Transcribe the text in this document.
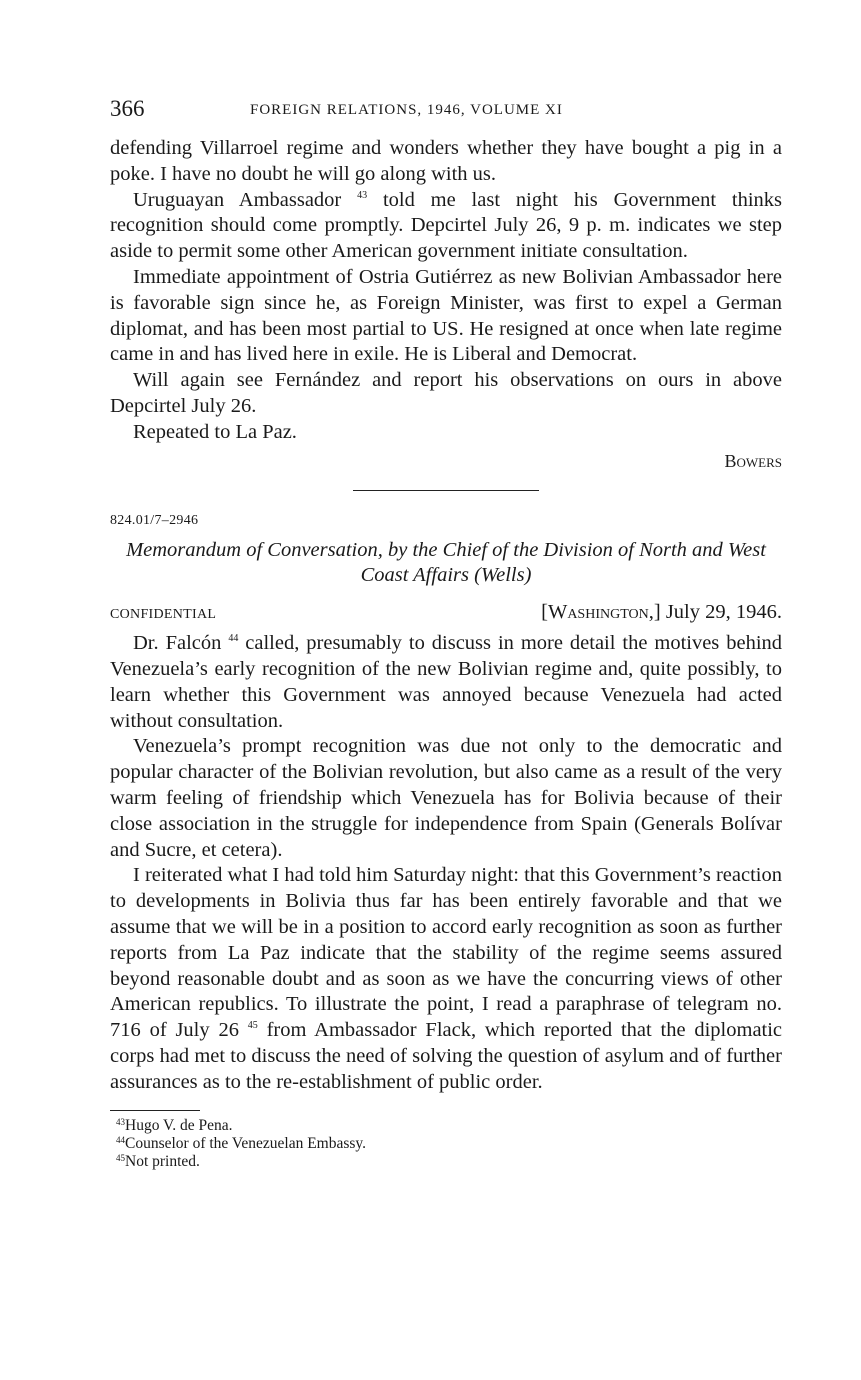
366	FOREIGN RELATIONS, 1946, VOLUME XI

defending Villarroel regime and wonders whether they have bought a pig in a poke. I have no doubt he will go along with us.

Uruguayan Ambassador $^{43}$ told me last night his Government thinks recognition should come promptly. Depcirtel July 26, 9 p. m. indicates we step aside to permit some other American government initiate consultation.

Immediate appointment of Ostria Gutiérrez as new Bolivian Ambassador here is favorable sign since he, as Foreign Minister, was first to expel a German diplomat, and has been most partial to US. He resigned at once when late regime came in and has lived here in exile. He is Liberal and Democrat.

Will again see Fernández and report his observations on ours in above Depcirtel July 26.

Repeated to La Paz.

Bowers
824.01/7–2946
Memorandum of Conversation, by the Chief of the Division of North and West Coast Affairs (Wells)
CONFIDENTIAL	[Washington,] July 29, 1946.

Dr. Falcón $^{44}$ called, presumably to discuss in more detail the motives behind Venezuela’s early recognition of the new Bolivian regime and, quite possibly, to learn whether this Government was annoyed because Venezuela had acted without consultation.

Venezuela’s prompt recognition was due not only to the democratic and popular character of the Bolivian revolution, but also came as a result of the very warm feeling of friendship which Venezuela has for Bolivia because of their close association in the struggle for independence from Spain (Generals Bolívar and Sucre, et cetera).

I reiterated what I had told him Saturday night: that this Government’s reaction to developments in Bolivia thus far has been entirely favorable and that we assume that we will be in a position to accord early recognition as soon as further reports from La Paz indicate that the stability of the regime seems assured beyond reasonable doubt and as soon as we have the concurring views of other American republics. To illustrate the point, I read a paraphrase of telegram no. 716 of July 26 $^{45}$ from Ambassador Flack, which reported that the diplomatic corps had met to discuss the need of solving the question of asylum and of further assurances as to the re-establishment of public order.

$^{43}$Hugo V. de Pena.
$^{44}$Counselor of the Venezuelan Embassy.
$^{45}$Not printed.
